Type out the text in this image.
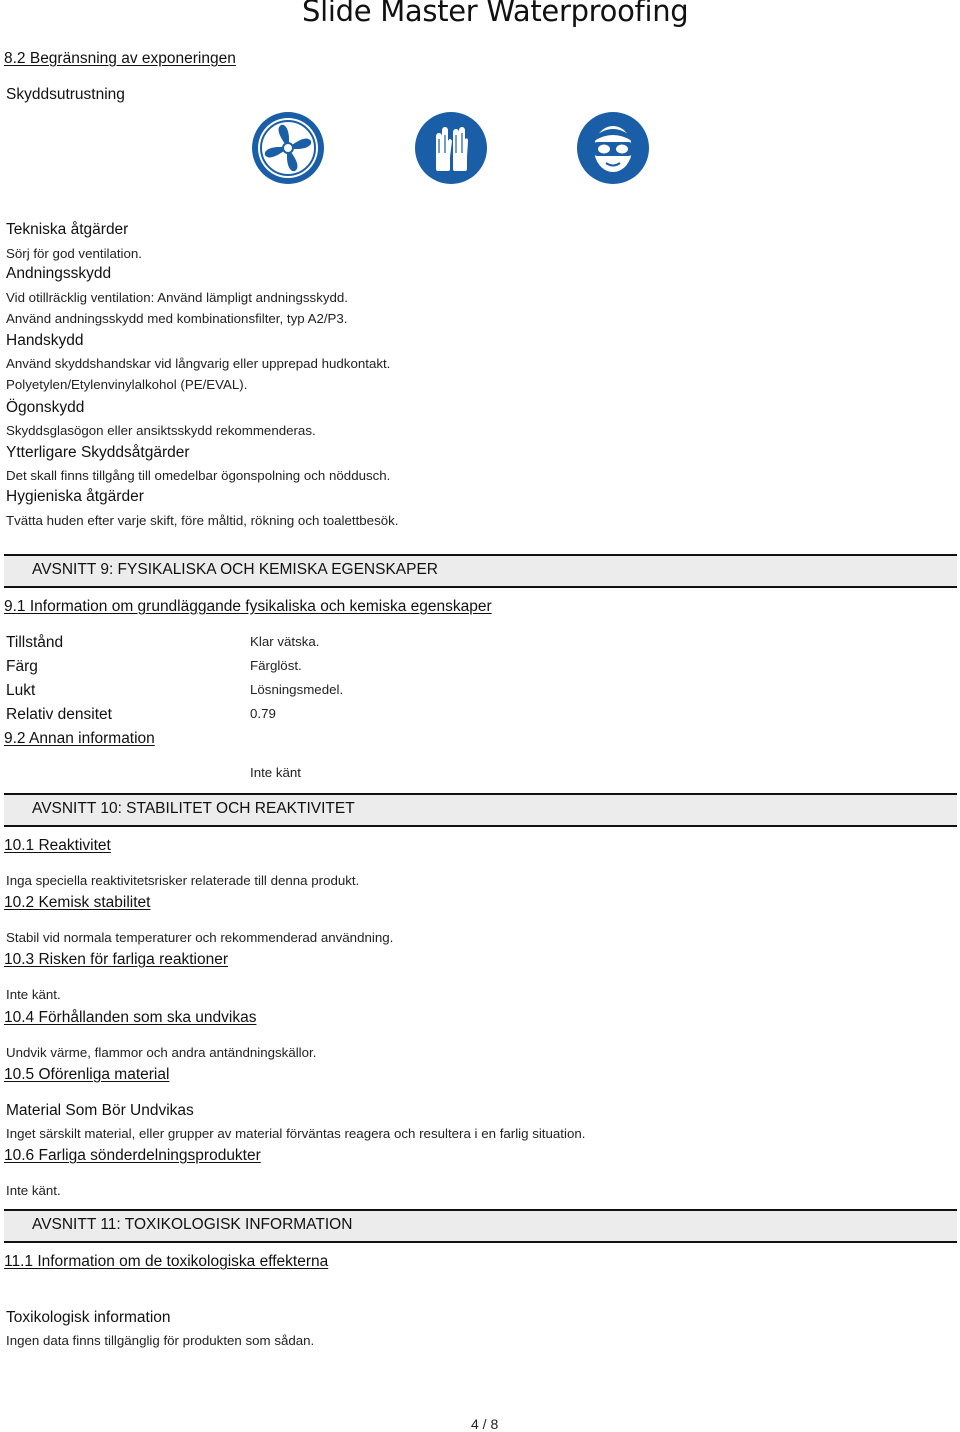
Slide Master Waterproofing
8.2 Begränsning av exponeringen
Skyddsutrustning
Tekniska åtgärder
Sörj för god ventilation.
Andningsskydd
Vid otillräcklig ventilation: Använd lämpligt andningsskydd.
Använd andningsskydd med kombinationsfilter, typ A2/P3.
Handskydd
Använd skyddshandskar vid långvarig eller upprepad hudkontakt.
Polyetylen/Etylenvinylalkohol (PE/EVAL).
Ögonskydd
Skyddsglasögon eller ansiktsskydd rekommenderas.
Ytterligare Skyddsåtgärder
Det skall finns tillgång till omedelbar ögonspolning och nöddusch.
Hygieniska åtgärder
Tvätta huden efter varje skift, före måltid, rökning och toalettbesök.
AVSNITT 9: FYSIKALISKA OCH KEMISKA EGENSKAPER
9.1 Information om grundläggande fysikaliska och kemiska egenskaper
Tillstånd	Klar vätska.
Färg	Färglöst.
Lukt	Lösningsmedel.
Relativ densitet	0.79
9.2 Annan information
Inte känt
AVSNITT 10: STABILITET OCH REAKTIVITET
10.1 Reaktivitet
Inga speciella reaktivitetsrisker relaterade till denna produkt.
10.2 Kemisk stabilitet
Stabil vid normala temperaturer och rekommenderad användning.
10.3 Risken för farliga reaktioner
Inte känt.
10.4 Förhållanden som ska undvikas
Undvik värme, flammor och andra antändningskällor.
10.5 Oförenliga material
Material Som Bör Undvikas
Inget särskilt material, eller grupper av material förväntas reagera och resultera i en farlig situation.
10.6 Farliga sönderdelningsprodukter
Inte känt.
AVSNITT 11: TOXIKOLOGISK INFORMATION
11.1 Information om de toxikologiska effekterna
Toxikologisk information
Ingen data finns tillgänglig för produkten som sådan.
4 / 8
